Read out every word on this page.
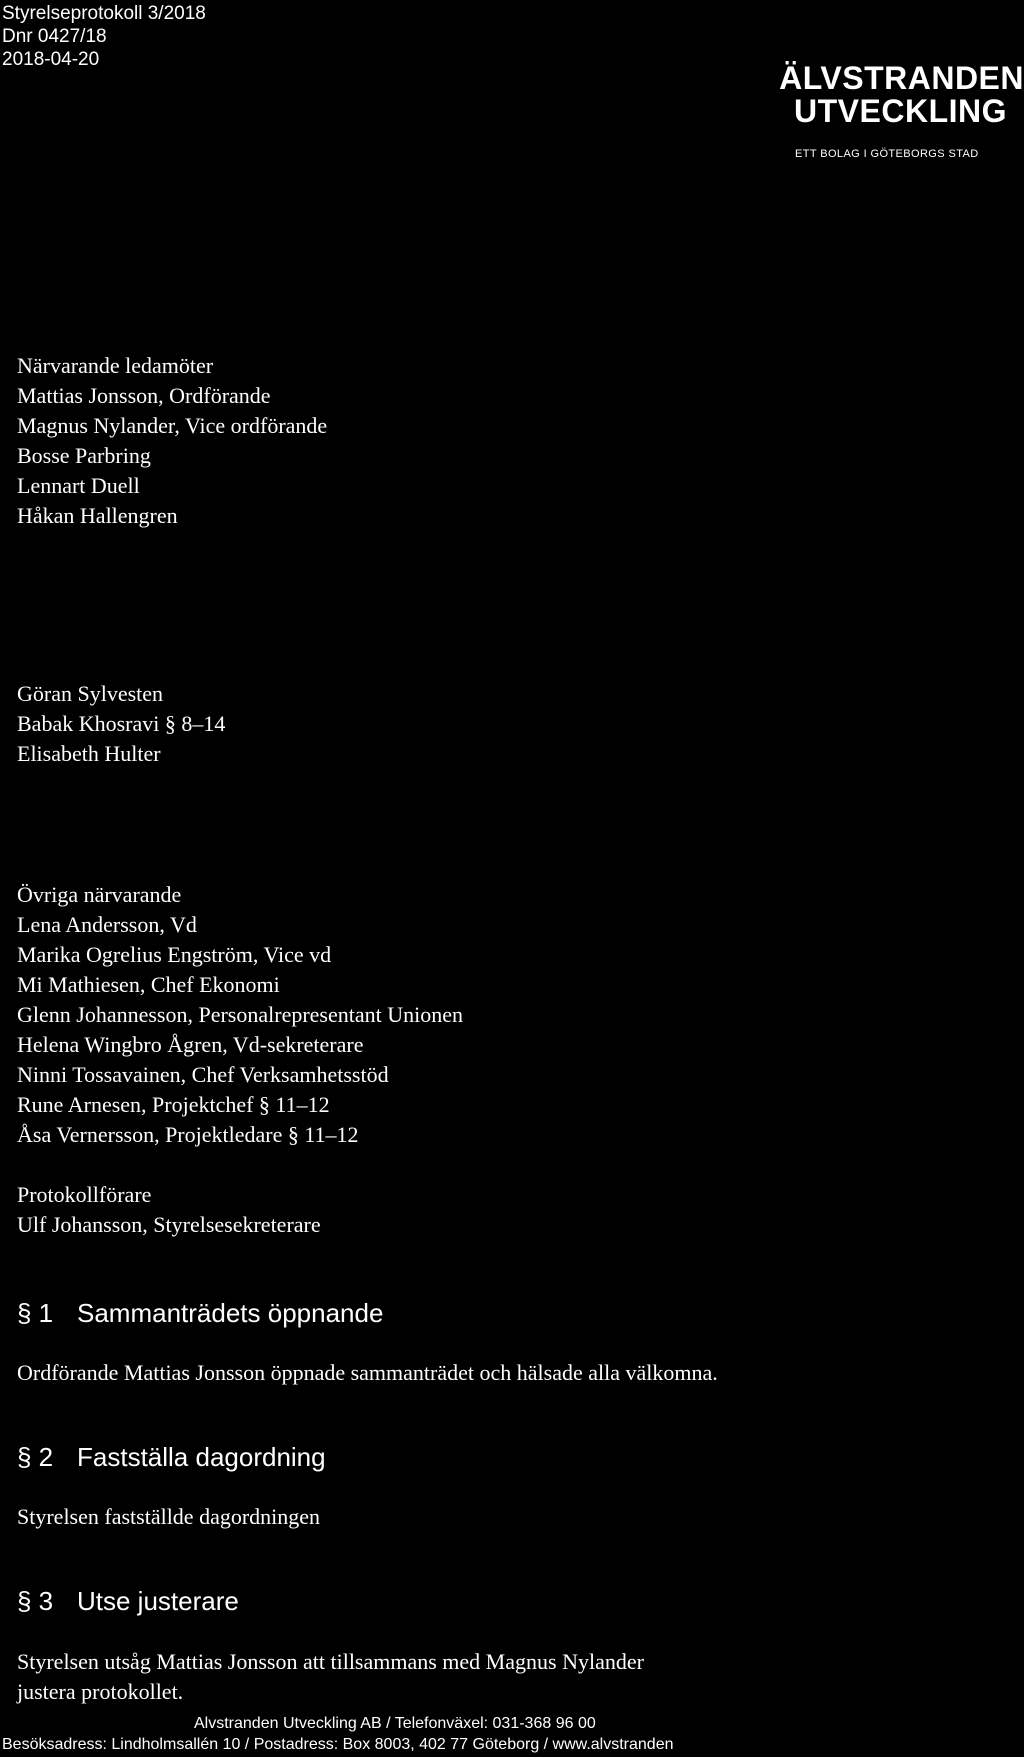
Styrelseprotokoll 3/2018
Dnr 0427/18
2018-04-20
ÄLVSTRANDEN
UTVECKLING
ETT BOLAG I GÖTEBORGS STAD
Närvarande ledamöter
Mattias Jonsson, Ordförande
Magnus Nylander, Vice ordförande
Bosse Parbring
Lennart Duell
Håkan Hallengren
Göran Sylvesten
Babak Khosravi § 8–14
Elisabeth Hulter
Övriga närvarande
Lena Andersson, Vd
Marika Ogrelius Engström, Vice vd
Mi Mathiesen, Chef Ekonomi
Glenn Johannesson, Personalrepresentant Unionen
Helena Wingbro Ågren, Vd-sekreterare
Ninni Tossavainen, Chef Verksamhetsstöd
Rune Arnesen, Projektchef § 11–12
Åsa Vernersson, Projektledare § 11–12
Protokollförare
Ulf Johansson, Styrelsesekreterare
§ 1 Sammanträdets öppnande
Ordförande Mattias Jonsson öppnade sammanträdet och hälsade alla välkomna.
§ 2 Fastställa dagordning
Styrelsen fastställde dagordningen
§ 3 Utse justerare
Styrelsen utsåg Mattias Jonsson att tillsammans med Magnus Nylander
justera protokollet.
Alvstranden Utveckling AB / Telefonväxel: 031-368 96 00
Besöksadress: Lindholmsallén 10 / Postadress: Box 8003, 402 77 Göteborg / www.alvstranden
